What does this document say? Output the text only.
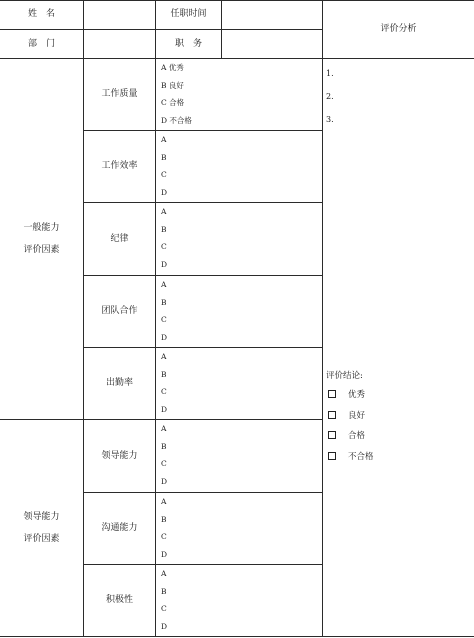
姓　名	任职时间
部　门	职　务
评价分析
一般能力
评价因素
领导能力
评价因素
工作质量
工作效率
纪律
团队合作
出勤率
领导能力
沟通能力
积极性
A 优秀
B 良好
C 合格
D 不合格
A
B
C
D
A
B
C
D
A
B
C
D
A
B
C
D
A
B
C
D
A
B
C
D
A
B
C
D
1.
2.
3.
评价结论:
优秀
良好
合格
不合格
